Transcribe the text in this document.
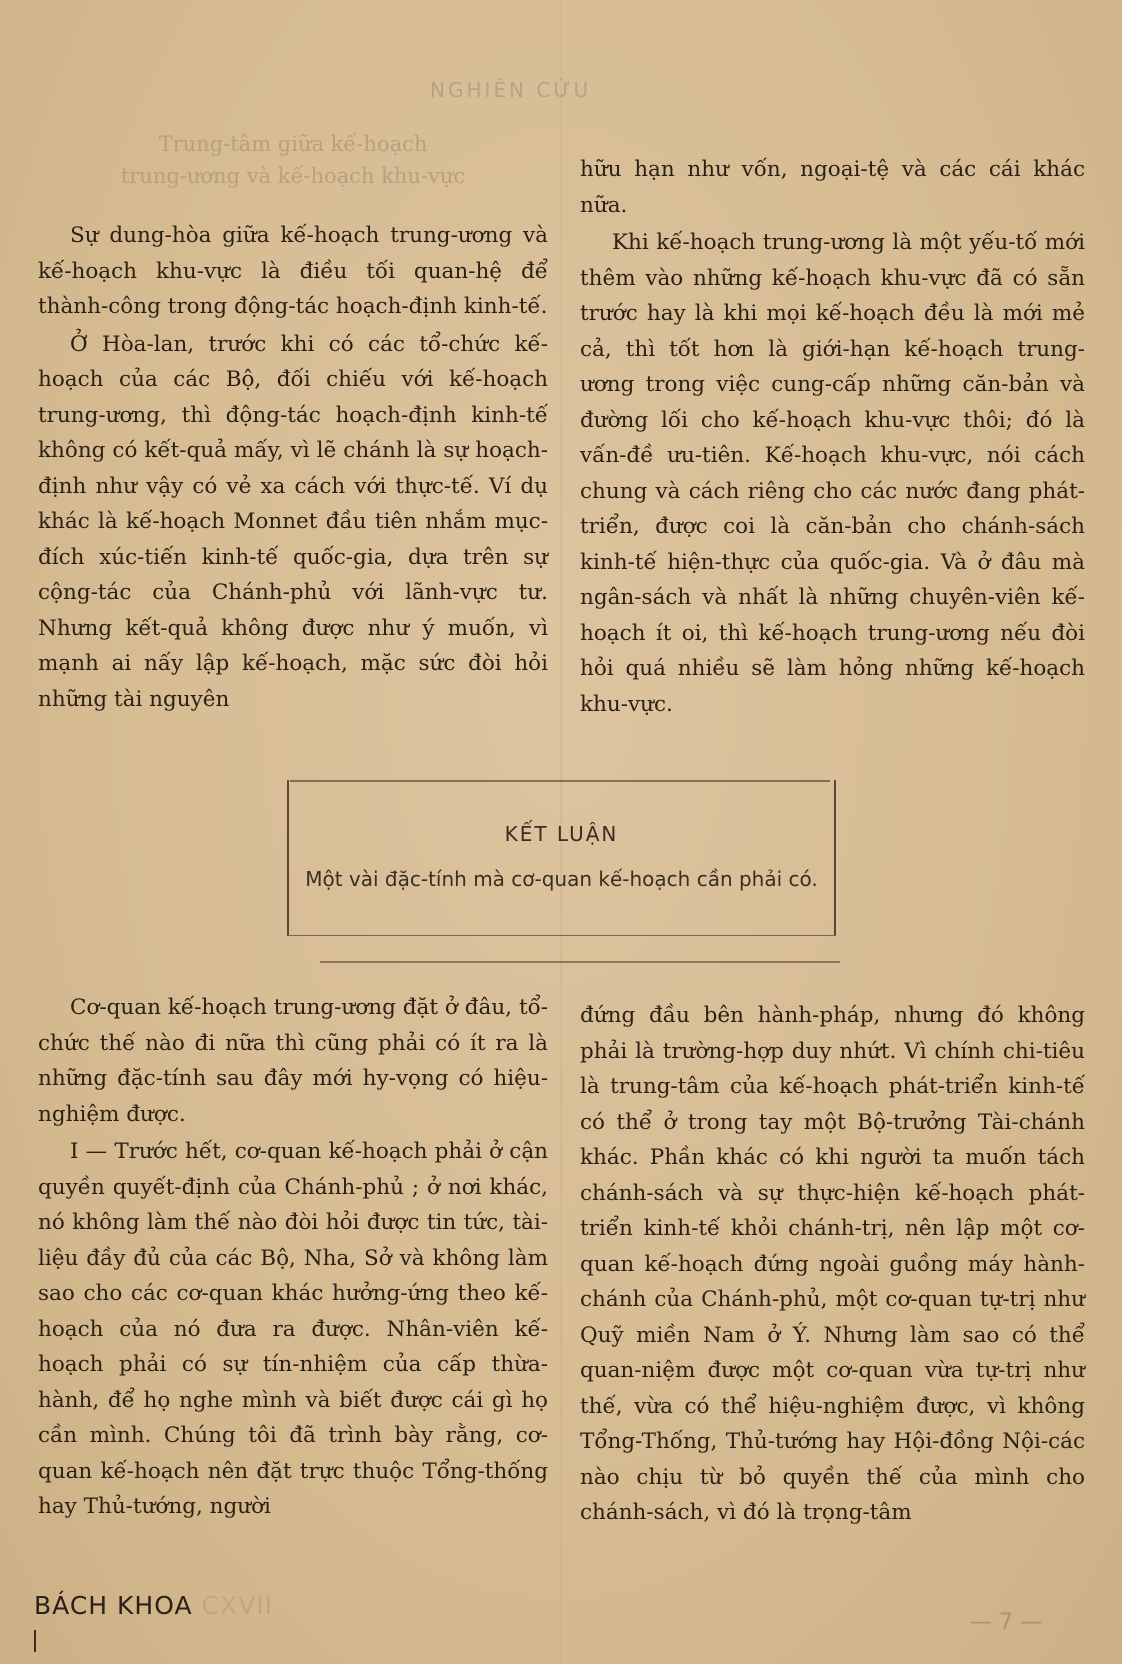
NGHIÊN CỨU
Trung-tâm giữa kế-hoạch
trung-ương và kế-hoạch khu-vực

Sự dung-hòa giữa kế-hoạch trung-ương và kế-hoạch khu-vực là điều tối quan-hệ để thành-công trong động-tác hoạch-định kinh-tế.

Ở Hòa-lan, trước khi có các tổ-chức kế-hoạch của các Bộ, đối chiếu với kế-hoạch trung-ương, thì động-tác hoạch-định kinh-tế không có kết-quả mấy, vì lẽ chánh là sự hoạch-định như vậy có vẻ xa cách với thực-tế. Ví dụ khác là kế-hoạch Monnet đầu tiên nhắm mục-đích xúc-tiến kinh-tế quốc-gia, dựa trên sự cộng-tác của Chánh-phủ với lãnh-vực tư. Nhưng kết-quả không được như ý muốn, vì mạnh ai nấy lập kế-hoạch, mặc sức đòi hỏi những tài nguyên

hữu hạn như vốn, ngoại-tệ và các cái khác nữa.

Khi kế-hoạch trung-ương là một yếu-tố mới thêm vào những kế-hoạch khu-vực đã có sẵn trước hay là khi mọi kế-hoạch đều là mới mẻ cả, thì tốt hơn là giới-hạn kế-hoạch trung-ương trong việc cung-cấp những căn-bản và đường lối cho kế-hoạch khu-vực thôi; đó là vấn-đề ưu-tiên. Kế-hoạch khu-vực, nói cách chung và cách riêng cho các nước đang phát-triển, được coi là căn-bản cho chánh-sách kinh-tế hiện-thực của quốc-gia. Và ở đâu mà ngân-sách và nhất là những chuyên-viên kế-hoạch ít oi, thì kế-hoạch trung-ương nếu đòi hỏi quá nhiều sẽ làm hỏng những kế-hoạch khu-vực.

KẾT LUẬN
Một vài đặc-tính mà cơ-quan kế-hoạch cần phải có.

Cơ-quan kế-hoạch trung-ương đặt ở đâu, tổ-chức thế nào đi nữa thì cũng phải có ít ra là những đặc-tính sau đây mới hy-vọng có hiệu-nghiệm được.

I — Trước hết, cơ-quan kế-hoạch phải ở cận quyền quyết-định của Chánh-phủ ; ở nơi khác, nó không làm thế nào đòi hỏi được tin tức, tài-liệu đầy đủ của các Bộ, Nha, Sở và không làm sao cho các cơ-quan khác hưởng-ứng theo kế-hoạch của nó đưa ra được. Nhân-viên kế-hoạch phải có sự tín-nhiệm của cấp thừa-hành, để họ nghe mình và biết được cái gì họ cần mình. Chúng tôi đã trình bày rằng, cơ-quan kế-hoạch nên đặt trực thuộc Tổng-thống hay Thủ-tướng, người

đứng đầu bên hành-pháp, nhưng đó không phải là trường-hợp duy nhứt. Vì chính chi-tiêu là trung-tâm của kế-hoạch phát-triển kinh-tế có thể ở trong tay một Bộ-trưởng Tài-chánh khác. Phần khác có khi người ta muốn tách chánh-sách và sự thực-hiện kế-hoạch phát-triển kinh-tế khỏi chánh-trị, nên lập một cơ-quan kế-hoạch đứng ngoài guồng máy hành-chánh của Chánh-phủ, một cơ-quan tự-trị như Quỹ miền Nam ở Ý. Nhưng làm sao có thể quan-niệm được một cơ-quan vừa tự-trị như thế, vừa có thể hiệu-nghiệm được, vì không Tổng-Thống, Thủ-tướng hay Hội-đồng Nội-các nào chịu từ bỏ quyền thế của mình cho chánh-sách, vì đó là trọng-tâm

BÁCH KHOA CXVII
— 7 —
